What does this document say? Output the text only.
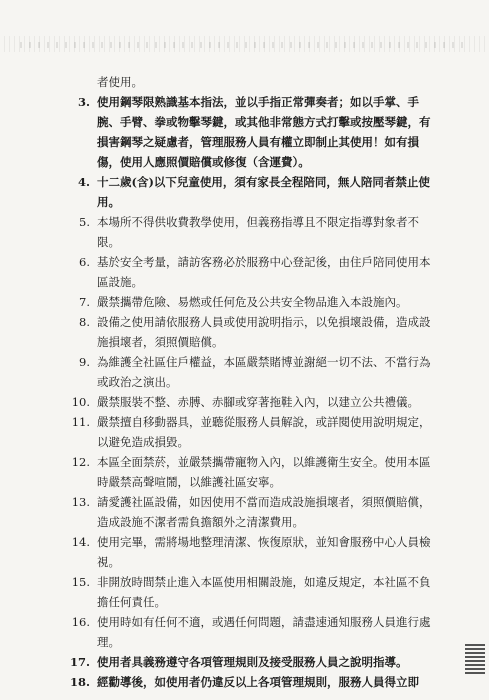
者使用。
3. 使用鋼琴限熟識基本指法，並以手指正常彈奏者；如以手掌、手腕、手臂、拳或物擊琴鍵，或其他非常態方式打擊或按壓琴鍵，有損害鋼琴之疑慮者，管理服務人員有權立即制止其使用！如有損傷，使用人應照價賠償或修復（含運費）。
4. 十二歲(含)以下兒童使用，須有家長全程陪同，無人陪同者禁止使用。
5. 本場所不得供收費教學使用，但義務指導且不限定指導對象者不限。
6. 基於安全考量，請訪客務必於服務中心登記後，由住戶陪同使用本區設施。
7. 嚴禁攜帶危險、易燃或任何危及公共安全物品進入本設施內。
8. 設備之使用請依服務人員或使用說明指示，以免損壞設備，造成設施損壞者，須照價賠償。
9. 為維護全社區住戶權益，本區嚴禁賭博並謝絕一切不法、不當行為或政治之演出。
10. 嚴禁服裝不整、赤膊、赤腳或穿著拖鞋入內，以建立公共禮儀。
11. 嚴禁擅自移動器具，並聽從服務人員解說，或詳閱使用說明規定，以避免造成損毀。
12. 本區全面禁菸，並嚴禁攜帶寵物入內，以維護衛生安全。使用本區時嚴禁高聲喧鬧，以維護社區安寧。
13. 請愛護社區設備，如因使用不當而造成設施損壞者，須照價賠償，造成設施不潔者需負擔額外之清潔費用。
14. 使用完畢，需將場地整理清潔、恢復原狀，並知會服務中心人員檢視。
15. 非開放時間禁止進入本區使用相關設施，如違反規定，本社區不負擔任何責任。
16. 使用時如有任何不適，或遇任何問題，請盡速通知服務人員進行處理。
17. 使用者具義務遵守各項管理規則及接受服務人員之說明指導。
18. 經勸導後，如使用者仍違反以上各項管理規則，服務人員得立即
